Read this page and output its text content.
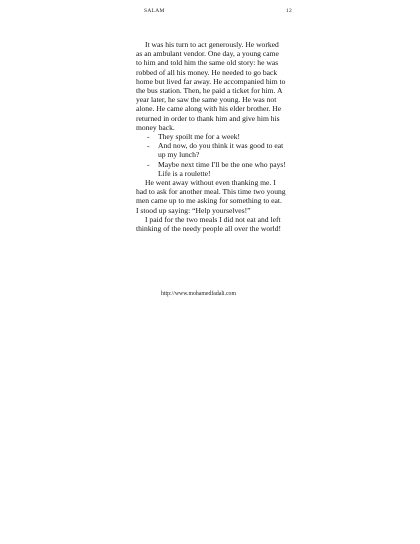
SALAM	12

It was his turn to act generously. He worked as an ambulant vendor. One day, a young came to him and told him the same old story: he was robbed of all his money. He needed to go back home but lived far away. He accompanied him to the bus station. Then, he paid a ticket for him. A year later, he saw the same young. He was not alone. He came along with his elder brother. He returned in order to thank him and give him his money back.

- They spoilt me for a week!
- And now, do you think it was good to eat up my lunch?
- Maybe next time I'll be the one who pays! Life is a roulette!

He went away without even thanking me. I had to ask for another meal. This time two young men came up to me asking for something to eat. I stood up saying: “Help yourselves!”

I paid for the two meals I did not eat and left thinking of the needy people all over the world!

http://www.mohamedfadali.com
